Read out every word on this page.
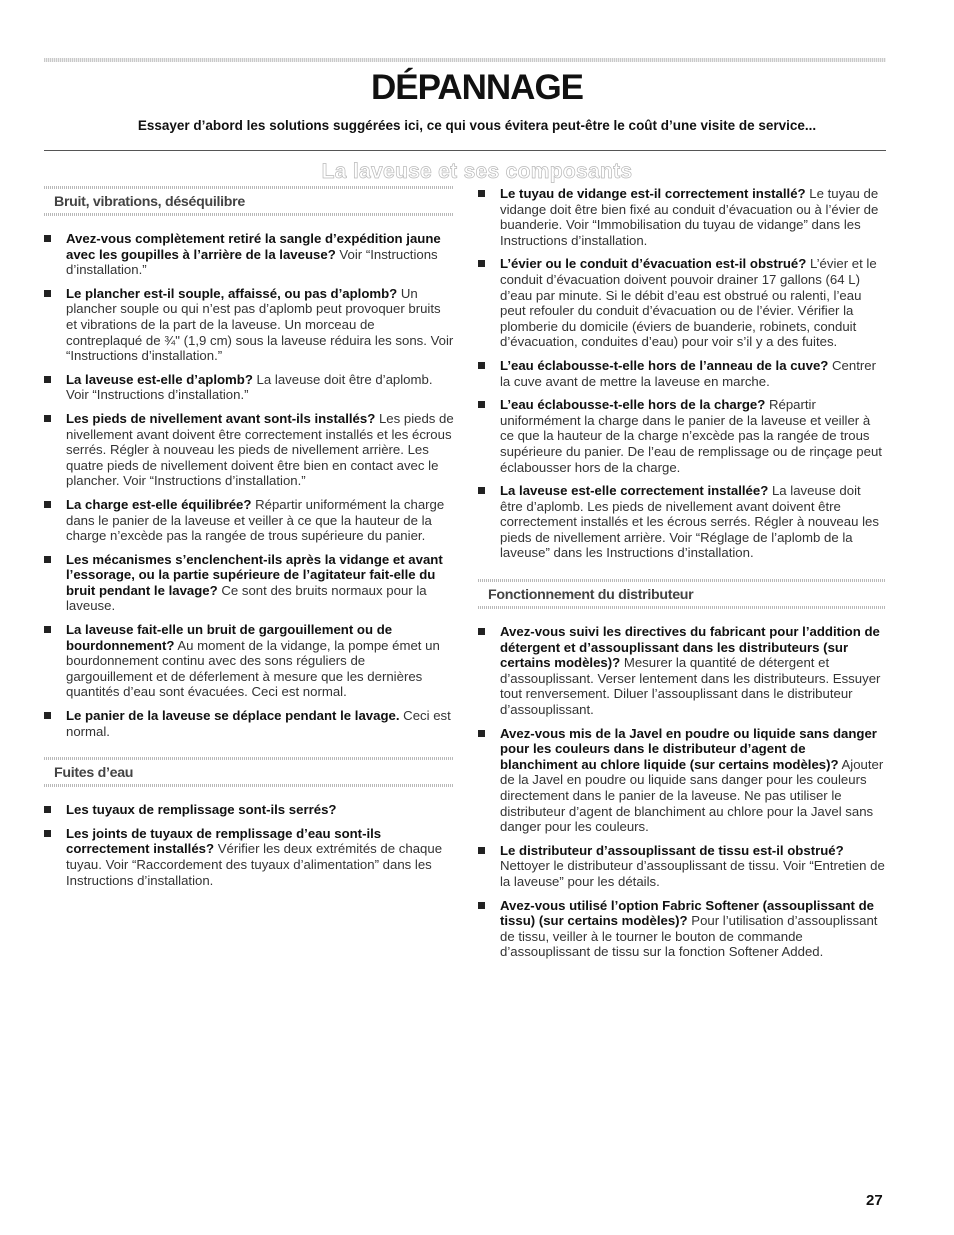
DÉPANNAGE

Essayer d’abord les solutions suggérées ici, ce qui vous évitera peut-être le coût d’une visite de service...

La laveuse et ses composants
Bruit, vibrations, déséquilibre
Avez-vous complètement retiré la sangle d’expédition jaune avec les goupilles à l’arrière de la laveuse? Voir “Instructions d’installation.”
Le plancher est-il souple, affaissé, ou pas d’aplomb? Un plancher souple ou qui n’est pas d’aplomb peut provoquer bruits et vibrations de la part de la laveuse. Un morceau de contreplaqué de ¾" (1,9 cm) sous la laveuse réduira les sons. Voir “Instructions d’installation.”
La laveuse est-elle d’aplomb? La laveuse doit être d’aplomb. Voir “Instructions d’installation.”
Les pieds de nivellement avant sont-ils installés? Les pieds de nivellement avant doivent être correctement installés et les écrous serrés. Régler à nouveau les pieds de nivellement arrière. Les quatre pieds de nivellement doivent être bien en contact avec le plancher. Voir “Instructions d’installation.”
La charge est-elle équilibrée? Répartir uniformément la charge dans le panier de la laveuse et veiller à ce que la hauteur de la charge n’excède pas la rangée de trous supérieure du panier.
Les mécanismes s’enclenchent-ils après la vidange et avant l’essorage, ou la partie supérieure de l’agitateur fait-elle du bruit pendant le lavage? Ce sont des bruits normaux pour la laveuse.
La laveuse fait-elle un bruit de gargouillement ou de bourdonnement? Au moment de la vidange, la pompe émet un bourdonnement continu avec des sons réguliers de gargouillement et de déferlement à mesure que les dernières quantités d’eau sont évacuées. Ceci est normal.
Le panier de la laveuse se déplace pendant le lavage. Ceci est normal.
Fuites d’eau
Les tuyaux de remplissage sont-ils serrés?
Les joints de tuyaux de remplissage d’eau sont-ils correctement installés? Vérifier les deux extrémités de chaque tuyau. Voir “Raccordement des tuyaux d’alimentation” dans les Instructions d’installation.
Le tuyau de vidange est-il correctement installé? Le tuyau de vidange doit être bien fixé au conduit d’évacuation ou à l’évier de buanderie. Voir “Immobilisation du tuyau de vidange” dans les Instructions d’installation.
L’évier ou le conduit d’évacuation est-il obstrué? L’évier et le conduit d’évacuation doivent pouvoir drainer 17 gallons (64 L) d’eau par minute. Si le débit d’eau est obstrué ou ralenti, l’eau peut refouler du conduit d’évacuation ou de l’évier. Vérifier la plomberie du domicile (éviers de buanderie, robinets, conduit d’évacuation, conduites d’eau) pour voir s’il y a des fuites.
L’eau éclabousse-t-elle hors de l’anneau de la cuve? Centrer la cuve avant de mettre la laveuse en marche.
L’eau éclabousse-t-elle hors de la charge? Répartir uniformément la charge dans le panier de la laveuse et veiller à ce que la hauteur de la charge n’excède pas la rangée de trous supérieure du panier. De l’eau de remplissage ou de rinçage peut éclabousser hors de la charge.
La laveuse est-elle correctement installée? La laveuse doit être d’aplomb. Les pieds de nivellement avant doivent être correctement installés et les écrous serrés. Régler à nouveau les pieds de nivellement arrière. Voir “Réglage de l’aplomb de la laveuse” dans les Instructions d’installation.
Fonctionnement du distributeur
Avez-vous suivi les directives du fabricant pour l’addition de détergent et d’assouplissant dans les distributeurs (sur certains modèles)? Mesurer la quantité de détergent et d’assouplissant. Verser lentement dans les distributeurs. Essuyer tout renversement. Diluer l’assouplissant dans le distributeur d’assouplissant.
Avez-vous mis de la Javel en poudre ou liquide sans danger pour les couleurs dans le distributeur d’agent de blanchiment au chlore liquide (sur certains modèles)? Ajouter de la Javel en poudre ou liquide sans danger pour les couleurs directement dans le panier de la laveuse. Ne pas utiliser le distributeur d’agent de blanchiment au chlore pour la Javel sans danger pour les couleurs.
Le distributeur d’assouplissant de tissu est-il obstrué? Nettoyer le distributeur d’assouplissant de tissu. Voir “Entretien de la laveuse” pour les détails.
Avez-vous utilisé l’option Fabric Softener (assouplissant de tissu) (sur certains modèles)? Pour l’utilisation d’assouplissant de tissu, veiller à le tourner le bouton de commande d’assouplissant de tissu sur la fonction Softener Added.

27
